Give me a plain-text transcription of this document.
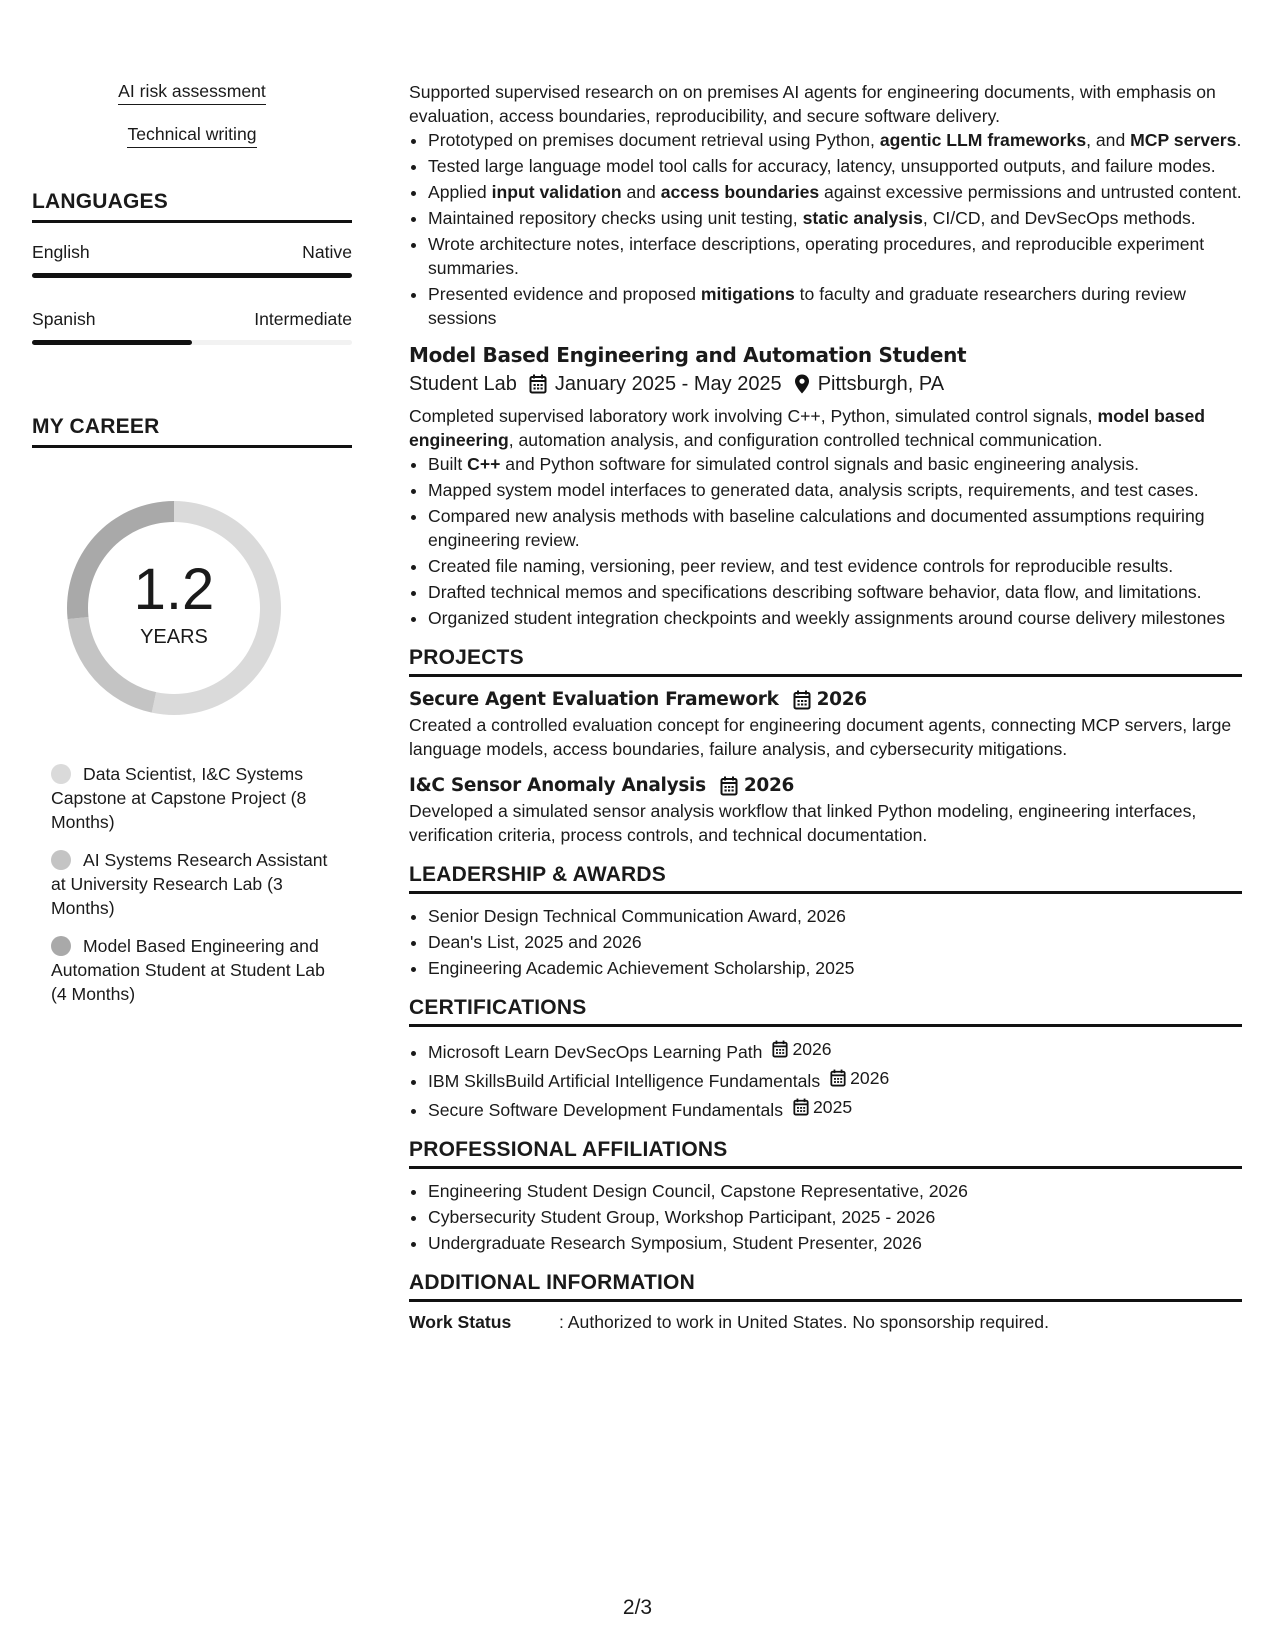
AI risk assessment
Technical writing
LANGUAGES
English	Native
Spanish	Intermediate
MY CAREER
1.2
YEARS
Data Scientist, I&C Systems Capstone at Capstone Project (8 Months)
AI Systems Research Assistant at University Research Lab (3 Months)
Model Based Engineering and Automation Student at Student Lab (4 Months)

Supported supervised research on on premises AI agents for engineering documents, with emphasis on evaluation, access boundaries, reproducibility, and secure software delivery.

• Prototyped on premises document retrieval using Python, agentic LLM frameworks, and MCP servers.
• Tested large language model tool calls for accuracy, latency, unsupported outputs, and failure modes.
• Applied input validation and access boundaries against excessive permissions and untrusted content.
• Maintained repository checks using unit testing, static analysis, CI/CD, and DevSecOps methods.
• Wrote architecture notes, interface descriptions, operating procedures, and reproducible experiment summaries.
• Presented evidence and proposed mitigations to faculty and graduate researchers during review sessions
Model Based Engineering and Automation Student
Student Lab January 2025 - May 2025 Pittsburgh, PA

Completed supervised laboratory work involving C++, Python, simulated control signals, model based engineering, automation analysis, and configuration controlled technical communication.

• Built C++ and Python software for simulated control signals and basic engineering analysis.
• Mapped system model interfaces to generated data, analysis scripts, requirements, and test cases.
• Compared new analysis methods with baseline calculations and documented assumptions requiring engineering review.
• Created file naming, versioning, peer review, and test evidence controls for reproducible results.
• Drafted technical memos and specifications describing software behavior, data flow, and limitations.
• Organized student integration checkpoints and weekly assignments around course delivery milestones
PROJECTS
Secure Agent Evaluation Framework 2026

Created a controlled evaluation concept for engineering document agents, connecting MCP servers, large language models, access boundaries, failure analysis, and cybersecurity mitigations.

I&C Sensor Anomaly Analysis 2026

Developed a simulated sensor analysis workflow that linked Python modeling, engineering interfaces, verification criteria, process controls, and technical documentation.

LEADERSHIP & AWARDS
• Senior Design Technical Communication Award, 2026
• Dean's List, 2025 and 2026
• Engineering Academic Achievement Scholarship, 2025
CERTIFICATIONS
• Microsoft Learn DevSecOps Learning Path 2026
• IBM SkillsBuild Artificial Intelligence Fundamentals 2026
• Secure Software Development Fundamentals 2025
PROFESSIONAL AFFILIATIONS
• Engineering Student Design Council, Capstone Representative, 2026
• Cybersecurity Student Group, Workshop Participant, 2025 - 2026
• Undergraduate Research Symposium, Student Presenter, 2026
ADDITIONAL INFORMATION
Work Status	: Authorized to work in United States. No sponsorship required.
2/3
